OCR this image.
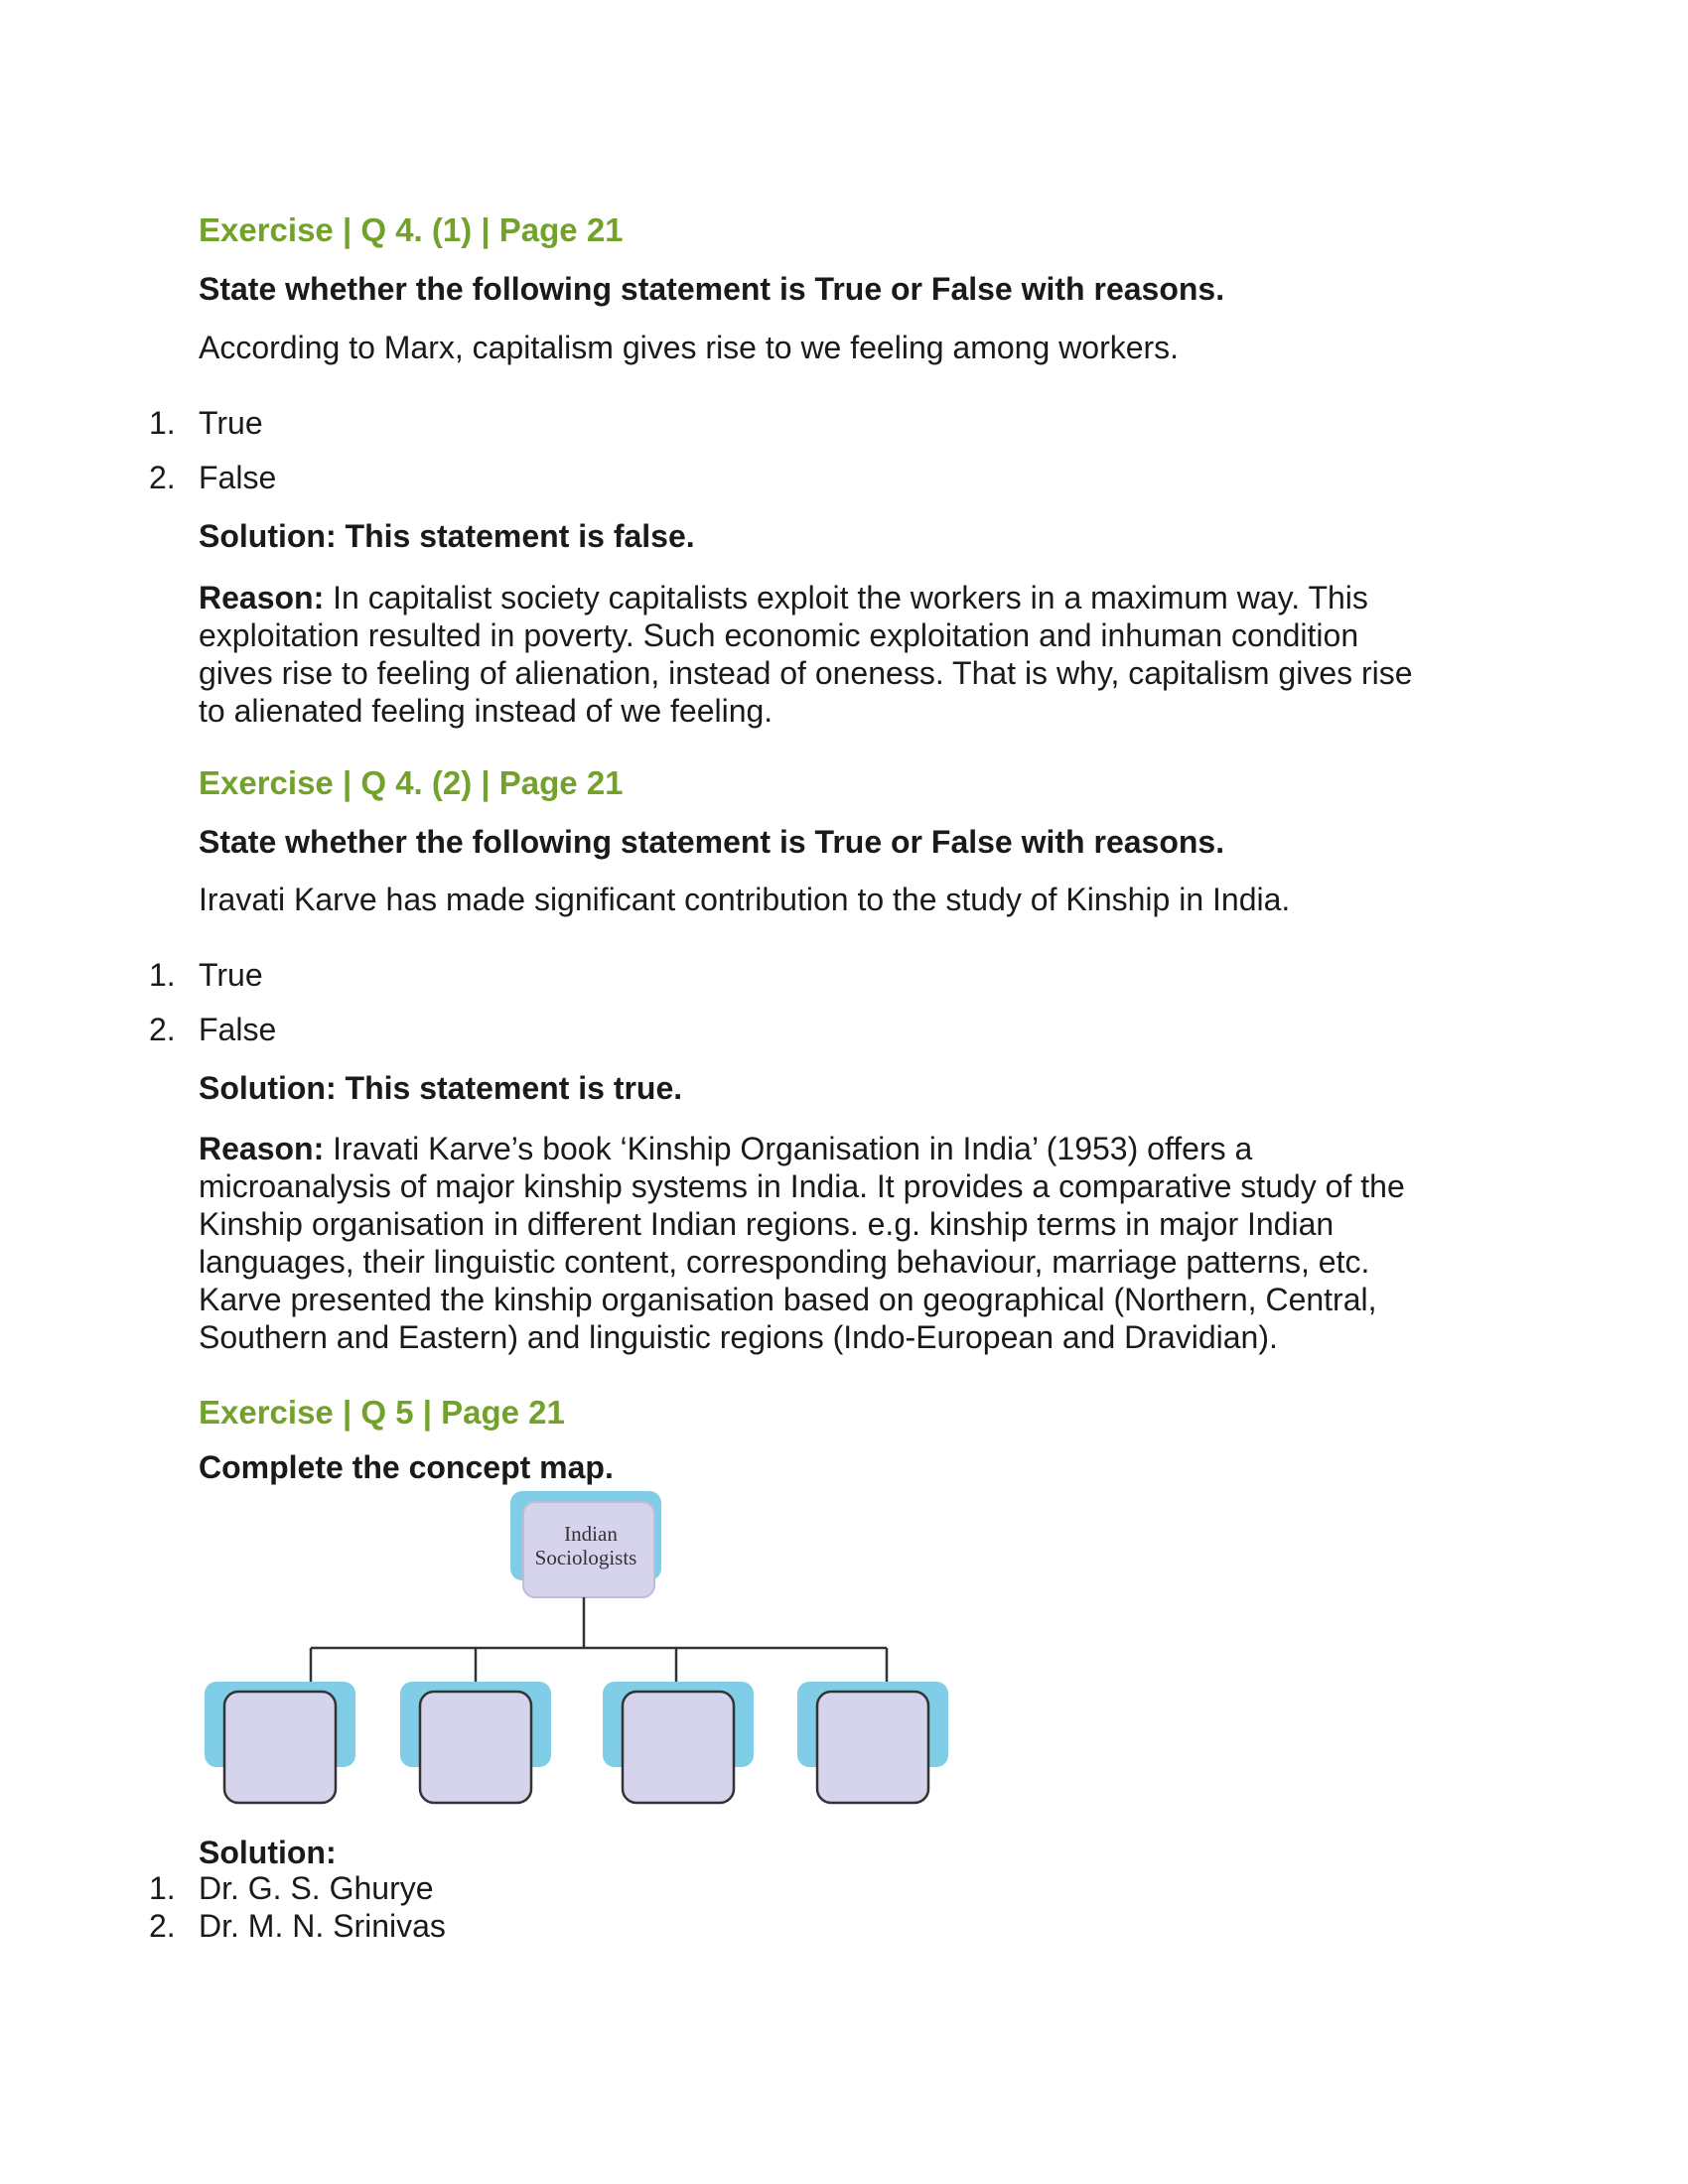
Exercise | Q 4. (1) | Page 21
State whether the following statement is True or False with reasons.
According to Marx, capitalism gives rise to we feeling among workers.
1. True
2. False
Solution: This statement is false.
Reason: In capitalist society capitalists exploit the workers in a maximum way. This
exploitation resulted in poverty. Such economic exploitation and inhuman condition
gives rise to feeling of alienation, instead of oneness. That is why, capitalism gives rise
to alienated feeling instead of we feeling.
Exercise | Q 4. (2) | Page 21
State whether the following statement is True or False with reasons.
Iravati Karve has made significant contribution to the study of Kinship in India.
1. True
2. False
Solution: This statement is true.
Reason: Iravati Karve’s book ‘Kinship Organisation in India’ (1953) offers a
microanalysis of major kinship systems in India. It provides a comparative study of the
Kinship organisation in different Indian regions. e.g. kinship terms in major Indian
languages, their linguistic content, corresponding behaviour, marriage patterns, etc.
Karve presented the kinship organisation based on geographical (Northern, Central,
Southern and Eastern) and linguistic regions (Indo-European and Dravidian).
Exercise | Q 5 | Page 21
Complete the concept map.
Indian
Sociologists
Solution:
1. Dr. G. S. Ghurye
2. Dr. M. N. Srinivas
